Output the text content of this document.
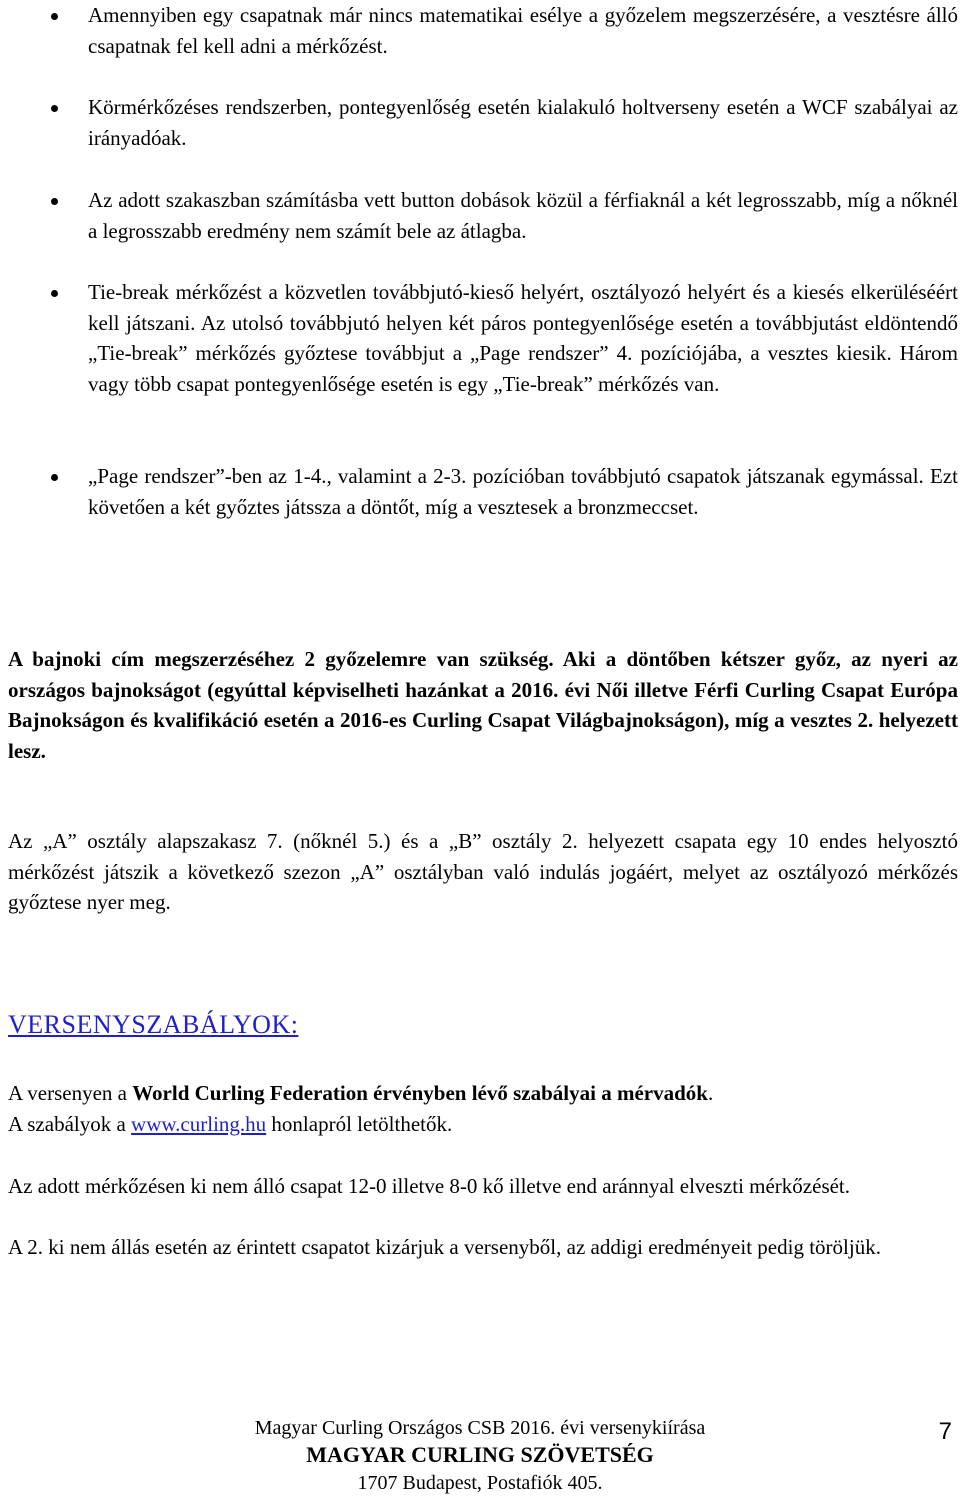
Amennyiben egy csapatnak már nincs matematikai esélye a győzelem megszerzésére, a vesztésre álló csapatnak fel kell adni a mérkőzést.
Körmérkőzéses rendszerben, pontegyenlőség esetén kialakuló holtverseny esetén a WCF szabályai az irányadóak.
Az adott szakaszban számításba vett button dobások közül a férfiaknál a két legrosszabb, míg a nőknél a legrosszabb eredmény nem számít bele az átlagba.
Tie-break mérkőzést a közvetlen továbbjutó-kieső helyért, osztályozó helyért és a kiesés elkerüléséért kell játszani. Az utolsó továbbjutó helyen két páros pontegyenlősége esetén a továbbjutást eldöntendő „Tie-break” mérkőzés győztese továbbjut a „Page rendszer” 4. pozíciójába, a vesztes kiesik. Három vagy több csapat pontegyenlősége esetén is egy „Tie-break” mérkőzés van.
„Page rendszer”-ben az 1-4., valamint a 2-3. pozícióban továbbjutó csapatok játszanak egymással. Ezt követően a két győztes játssza a döntőt, míg a vesztesek a bronzmeccset.
A bajnoki cím megszerzéséhez 2 győzelemre van szükség. Aki a döntőben kétszer győz, az nyeri az országos bajnokságot (egyúttal képviselheti hazánkat a 2016. évi Női illetve Férfi Curling Csapat Európa Bajnokságon és kvalifikáció esetén a 2016-es Curling Csapat Világbajnokságon), míg a vesztes 2. helyezett lesz.
Az „A” osztály alapszakasz 7. (nőknél 5.) és a „B” osztály 2. helyezett csapata egy 10 endes helyosztó mérkőzést játszik a következő szezon „A” osztályban való indulás jogáért, melyet az osztályozó mérkőzés győztese nyer meg.
VERSENYSZABÁLYOK:
A versenyen a World Curling Federation érvényben lévő szabályai a mérvadók.
A szabályok a www.curling.hu honlapról letölthetők.
Az adott mérkőzésen ki nem álló csapat 12-0 illetve 8-0 kő illetve end aránnyal elveszti mérkőzését.
A 2. ki nem állás esetén az érintett csapatot kizárjuk a versenyből, az addigi eredményeit pedig töröljük.
Magyar Curling Országos CSB 2016. évi versenykiírása
MAGYAR CURLING SZÖVETSÉG
1707 Budapest, Postafiók 405.
7
